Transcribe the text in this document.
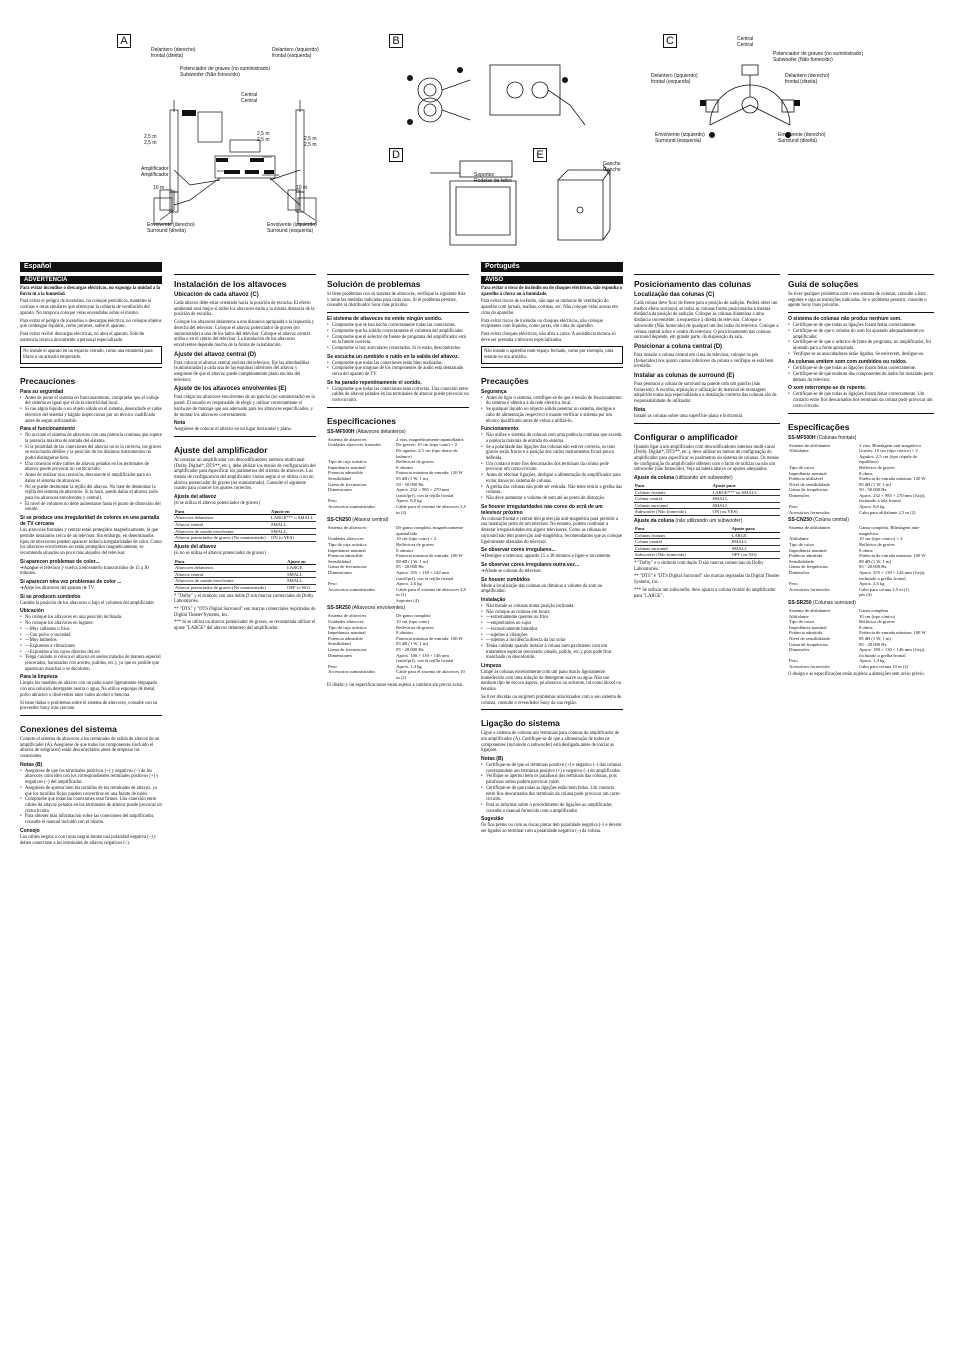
A	B	C
D	E
Delantero (derecho)
frontal (direita)
Delantero (izquierdo)
frontal (esquerda)
Potenciador de graves (no suministrado)
Subwoofer (Não fornecido)
Central
Central
2,5 m
2,5 m
2,5 m
2,5 m	2,5 m
2,5 m
Amplificador
Amplificador
10 m	10 m
Envolvente (derecho)
Surround (direita)
Envolvente (izquierdo)
Surround (esquerda)
LINE IN
FRONT
WOOFER OUT CENTER
SURROUND
Central
Central
Potenciador de graves (no suministrado)
Subwoofer (Não fornecido)
Delantero (izquierdo)
frontal (esquerda)
Delantero (derecho)
frontal (direita)
Envolvente (izquierdo)
Surround (esquerda)
Envolvente (derecho)
Surround (direita)
Soportes
Rodelas de feltro
Gancho
Gancho
Español ADVERTENCIA

Para evitar incendios o descargas eléctricas, no exponga la unidad a la lluvia ni a la humedad.

Para evitar el peligro de incendios, no coloque periódicos, manteles ni cortinas u otras similares que obstruyan la cubierta de ventilación del aparato. No tampoco coloque velas encendidas sobre el mismo.

Para evitar el peligro de incendios o descargas eléctrica, no coloque objetos que contengan líquidos, como jarrones, sobre el aparato.

Para evitar recibir descargas eléctricas, no abra el aparato. Solicite asistencia técnica únicamente a personal especializado.

No instale el aparato en un espacio cerrado, como una estantería para libros o un armario empotrado.
Precauciones
Para su seguridad
• Antes de poner el sistema en funcionamiento, compruebe que el voltaje del sistema es igual que el de la electricidad local.
• Si cae algún líquido o un objeto sólido en el sistema, desenchufe el cable eléctrico del sistema y hágalo inspeccionar por un técnico cualificado antes de seguir utilizándolo.
Para el funcionamiento
• No accione el sistema de altavoces con una potencia continua que supere la potencia máxima de entrada del sistema.
• Si la polaridad de las conexiones del altavoz no es la correcta, los graves se escucharán débiles y la posición de los distintos instrumentos no podrá distinguirse bien.
• Una conexión entre cables de altavoz pelados en los terminales de altavoz puede provocar un cortocircuito.
• Antes de realizar una conexión, desconecte el amplificador para no dañar el sistema de altavoces.
• No se puede desmontar la rejilla del altavoz. No trate de desmontar la rejilla del sistema de altavoces. Si lo hace, puede dañar el altavoz (sólo para los altavoces envolventes y central).
• El nivel de volumen no debe aumentarse hasta el punto de distorsión del sonido.
Si se produce una irregularidad de colores en una pantalla de TV cercana

Los altavoces frontales y central están protegidos magnéticamente, lo que permite instalarlos cerca de un televisor. Sin embargo, en determinados tipos de televisores pueden aparecer todavía irregularidades de color. Como los altavoces envolventes no están protegidos magnéticamente, se recomienda situarlos un poco más alejados del televisor.

Si aparecen problemas de color...

➔Apague el televisor y vuelva a encenderlo transcurridos de 15 a 30 minutos.

Si aparecen otra vez problemas de color ...

➔Aleje los altavoces del aparato de TV.

Si se producen zumbidos

Cambie la posición de los altavoces o bajo el volumen del amplificador.

Ubicación
• No coloque los altavoces en una posición inclinada.
• No coloque los altavoces en lugares:
• —Muy calientes o fríos
• —Con polvo o suciedad
• —Muy húmedos
• —Expuestos a vibraciones
• —Expuestos a los rayos directos del sol
• Tenga cuidado si coloca el altavoz en suelos tratados de manera especial (encerados, barnizados con aceites, pulidos, etc.), ya que es posible que aparezcan manchas o se decoloren.
Para la limpieza

Limpie los muebles de altavoz con un paño suave ligeramente empapado con una solución detergente neutra o agua. No utilice esponjas de metal, polvo abrasivo o disolventes tales como alcohol o bencina.

Si tiene dudas o problemas sobre el sistema de altavoces, consulte con su proveedor Sony más cercano.

Conexiones del sistema

Conecte el sistema de altavoces a los terminales de salida de altavoz de un amplificador (A). Asegúrese de que todos los componentes (incluido el altavoz de subgraves) están desconectados antes de empezar las conexiones.

Notas (B)
• Asegúrese de que los terminales positivos (+) y negativos (–) de los altavoces coinciden con los correspondientes terminales positivos (+) y negativos (–) del amplificador.
• Asegúrese de apretar bien los tornillos de los terminales de altavoz, ya que los tornillos flojos pueden convertirse en una fuente de ruido.
• Compruebe que todas las conexiones sean firmes. Una conexión entre cables de altavoz pelados en los terminales de altavoz puede provocar un cortocircuito.
• Para obtener más información sobre las conexiones del amplificador, consulte el manual incluido con el mismo.
Consejo

Los cables negros o con rayas negras tienen una polaridad negativa (–) y deben conectarse a los terminales de altavoz negativos (–).

Instalación de los altavoces
Ubicación de cada altavoz (C)

Cada altavoz debe estar orientado hacia la posición de escucha. El efecto ambiental será mejor si todos los altavoces están a la misma distancia de la posición de escucha.

Coloque los altavoces delanteros a una distancia apropiada a la izquierda y derecha del televisor. Coloque el altavoz potenciador de graves (no suministrado) a uno de los lados del televisor. Coloque el altavoz central arriba o en el centro del televisor. La instalación de los altavoces envolventes depende mucho de la forma de la habitación.

Ajuste del altavoz central (D)

Para colocar el altavoz central encima del televisor, fije las almohadillas (suministradas) a cada una de las esquinas inferiores del altavoz y asegúrese de que el altavoz quede completamente plano encima del televisor.

Ajuste de los altavoces envolventes (E)

Para colgar los altavoces envolventes de un gancho (no suministrado) en la pared. El usuario es responsable de elegir y utilizar correctamente el hardware de montaje que sea adecuado para los altavoces especificados, y de montar los altavoces correctamente.

Nota

Asegúrese de colocar el altavoz en un lugar horizontal y plano.

Ajuste del amplificador

Al conectar un amplificador con descodificadores internos multicanal (Dolby Digital*, DTS**, etc.), debe utilizar los menús de configuración del amplificador para especificar los parámetros del sistema de altavoces. Los menús de configuración del amplificador varían según si se utiliza o no un altavoz potenciador de graves (no suministrado). Consulte el siguiente cuadro para conocer los ajustes correctos.

Ajuste del altavoz
(si se utiliza el altavoz potenciador de graves)
Para	Ajuste en
Altavoces delanteros	LARGE*** o SMALL
Altavoz central	SMALL
Altavoces de sonido envolvente	SMALL
Altavoz potenciador de graves (No suministrado)	ON (o YES)
Ajuste del altavoz
(si no se utiliza el altavoz potenciador de graves)
Para	Ajuste en
Altavoces delanteros	LARGE
Altavoz central	SMALL
Altavoces de sonido envolvente	SMALL
Altavoz potenciador de graves (No suministrado)	OFF (o NO)

* "Dolby" y el símbolo con una doble D son marcas comerciales de Dolby Laboratories.

** "DTS" y "DTS Digital Surround" son marcas comerciales registradas de Digital Theater Systems, Inc.

*** Si se utiliza un altavoz potenciador de graves, se recomienda utilizar el ajuste "LARGE" del altavoz delantero del amplificador.

Solución de problemas

Si tiene problemas con su sistema de altavoces, verifique la siguiente lista y tome las medidas indicadas para cada caso. Si el problema persiste, consulte al distribuidor Sony más próximo.

El sistema de altavoces no emite ningún sonido.
• Compruebe que se han hecho correctamente todas las conexiones.
• Compruebe que ha subido correctamente el volumen del amplificador.
• Compruebe que el selector de fuente de programa del amplificador está en la fuente correcta.
• Compruebe si hay auriculares conectados. Si lo están, desconéctelos.
Se escucha un zumbido o ruido en la salida del altavoz.
• Compruebe que todas las conexiones están bien realizadas.
• Compruebe que ninguno de los componentes de audio está demasiado cerca del aparato de TV.
Se ha parado repentinamente el sonido.
• Compruebe que todas las conexiones sean correctas. Una conexión entre cables de altavoz pelados en los terminales de altavoz puede provocar un cortocircuito.
Especificaciones
SS-MF500H (Altavoces delanteros)
Sistema de altavoces	2 vías, magnéticamente apantallados
Unidades altavoces frontales	De graves: 10 cm (tipo cono) × 2
De agudos: 2,5 cm (tipo domo de balance)
Tipo de caja acústica	Reflectora de graves
Impedancia nominal	8 ohmios
Potencia admisible	Potencia máxima de entrada: 120 W
Sensibilidad	85 dB (1 W, 1 m)
Gama de frecuencias	50 - 50.000 Hz
Dimensiones	Aprox. 232 × 985 × 270 mm (an/al/prf), con la rejilla frontal
Peso	Aprox. 8,0 kg
Accesorios suministrados	Cable para el sistema de altavoces 2,5 m (2)
SS-CN250 (Altavoz central)
Sistema de altavoces	De gama completa, magnéticamente apantallado
Unidades altavoces	10 cm (tipo cono) × 2
Tipo de caja acústica	Reflectora de graves
Impedancia nominal	8 ohmios
Potencia admisible	Potencia máxima de entrada: 100 W
Sensibilidad	88 dB (1 W, 1 m)
Gama de frecuencias	85 - 20.000 Hz
Dimensiones	Aprox. 355 × 130 × 144 mm (an/al/prf), con la rejilla frontal
Peso	Aprox. 2,6 kg
Accesorios suministrados	Cable para el sistema de altavoces 2,5 m (1)
Soportes (4)
SS-SR250 (Altavoces envolventes)
Sistema de altavoces	De gama completa
Unidades altavoces	10 cm (tipo cono)
Tipo de caja acústica	Reflectora de graves
Impedancia nominal	8 ohmios
Potencia admisible	Potencia máxima de entrada: 100 W
Sensibilidad	85 dB (1 W, 1 m)
Gama de frecuencias	85 - 20.000 Hz
Dimensiones	Aprox. 180 × 130 × 146 mm (an/al/prf), con la rejilla frontal
Peso	Aprox. 1,4 kg
Accesorios suministrados	Cable para el sistema de altavoces 10 m (2)

El diseño y las especificaciones están sujetos a cambios sin previo aviso.

Português AVISO

Para evitar o risco de incêndio ou de choques eléctricos, não exponha o aparelho à chuva ou à humidade.

Para evitar riscos de incêndio, não tape as ranhuras de ventilação do aparelho com jornais, toalhas, cortinas, etc. Não coloque velas acesas em cima do aparelho.

Para evitar riscos de incêndio ou choques eléctricos, não coloque recipientes com líquidos, como jarras, em cima do aparelho.

Para evitar choques eléctricos, não abra a caixa. A assistência técnica só deve ser prestada a técnicos especializados.

Não instale o aparelho num espaço fechado, como por exemplo, uma estante ou um armário.
Precauções
Segurança
• Antes de ligar o sistema, certifique-se de que a tensão de funcionamento do sistema é idêntica à da rede eléctrica local.
• Se qualquer líquido ou objecto sólido penetrar no sistema, desligue o cabo de alimentação respectivo e mande verificar o sistema por um técnico qualificado antes de voltar a utilizá-lo.
Funcionamento
• Não utilize o sistema de colunas com uma potência contínua que exceda a potência máxima de entrada do sistema.
• Se a polaridade das ligações das colunas não estiver correcta, os tons graves serão fracos e a posição dos vários instrumentos ficará pouco definida.
• Um contacto entre fios descarnados dos terminais da coluna pode provocar um curto-circuito.
• Antes de efectuar ligações, desligue a alimentação do amplificador para evitar danos no sistema de colunas.
• A grelha das colunas não pode ser retirada. Não tente retirar a grelha das colunas.
• Não deve aumentar o volume de som até ao ponto de distorção.
Se houver irregularidades nas cores do ecrã de um televisor próximo

As colunas frontal e central têm protecção anti-magnética para permitir a sua instalação perto de um televisor. No entanto, podem continuar a detectar irregularidades em alguns televisores. Como as colunas de surround não têm protecção anti-magnética, recomendamos que as coloque ligeiramente afastadas do televisor.

Se observar cores irregulares...

➔Desligue o televisor, aguarde 15 a 30 minutos e ligue-o novamente.

Se observar cores irregulares outra vez...

➔Afaste as colunas do televisor.

Se houver zumbidos

Mude a localização das colunas ou diminua o volume do som no amplificador.

Instalação
• Não instale as colunas numa posição inclinada.
• Não coloque as colunas em locais:
• —extremamente quentes ou frios
• —empoeirados ou sujos
• —excessivamente húmidos
• —sujeitos a vibrações
• —sujeitos à incidência directa da luz solar
• Tenha cuidado quando instalar a coluna num pavimento com um tratamento especial (encerado, oleado, polido, etc.), pois pode ficar manchado ou descolorido.
Limpeza

Limpe as colunas exteriormente com um pano macio ligeiramente humedecido com uma solução de detergente suave ou água. Não use nenhum tipo de escova áspera, pó abrasivo ou solvente, tal como álcool ou benzina.

Se tiver dúvidas ou surgirem problemas relacionados com o seu sistema de colunas, consulte o revendedor Sony da sua região.

Ligação do sistema

Ligue o sistema de colunas aos terminais para colunas do amplificador de um amplificador (A). Certifique-se de que a alimentação de todos os componentes (incluindo o subwoofer) está desligada antes de iniciar as ligações.

Notas (B)
• Certifique-se de que os terminais positivo (+) e negativo (–) das colunas correspondem aos terminais positivo (+) e negativo (–) do amplificador.
• Verifique se apertou bem os parafusos dos terminais das colunas, pois parafusos soltos podem provocar ruído.
• Certifique-se de que todas as ligações estão bem feitas. Um contacto entre fios descarnados dos terminais da coluna pode provocar um curto-circuito.
• Para se informar sobre o procedimento de ligações ao amplificador, consulte o manual fornecido com o amplificador.
Sugestão

Os fios pretos ou com as riscas pretas têm polaridade negativa (–) e devem ser ligados ao terminal com a polaridade negativa (–) da coluna.

Posicionamento das colunas
Localização das colunas (C)

Cada coluna deve ficar de frente para a posição de audição. Poderá obter um melhor efeito surround, se todas as colunas forem posicionadas à mesma distância da posição de audição. Coloque as colunas dianteiras a uma distância conveniente, à esquerda e à direita do televisor. Coloque o subwoofer (Não fornecido) de qualquer um dos lados do televisor. Coloque a coluna central sobre o centro do televisor. O posicionamento das colunas surround depende, em grande parte, da disposição da sala.

Posicionar a coluna central (D)

Para instalar a coluna central em cima do televisor, coloque os pés (fornecidos) nos quatro cantos inferiores da coluna e verifique se está bem nivelada.

Instalar as colunas de surround (E)

Para pendurar a coluna de surround na parede com um gancho (não fornecido). A escolha, aquisição e utilização do material de montagem adquirido numa loja especializada e a instalação correcta das colunas são da responsabilidade do utilizador.

Nota

Instale as colunas sobre uma superfície plana e horizontal.

Configurar o amplificador

Quando ligar a um amplificador com descodificadores internos multi-canal (Dolby Digital*, DTS**, etc.), deve utilizar os menus de configuração do amplificador para especificar os parâmetros do sistema de colunas. Os menus de configuração do amplificador diferem com o facto de utilizar ou não um subwoofer (não fornecido). Veja na tabela abaixo os ajustes adequados.

Ajuste da coluna (utilizando um subwoofer)
Para	Ajuste para
Colunas frontais	LARGE*** ou SMALL
Coluna central	SMALL
Colunas surround	SMALL
Subwoofer (Não fornecido)	ON (ou YES)
Ajuste da coluna (não utilizando um subwoofer)
Para	Ajuste para
Colunas frontais	LARGE
Coluna central	SMALL
Colunas surround	SMALL
Subwoofer (Não fornecido)	OFF (ou NO)

* "Dolby" e o símbolo com duplo D são marcas comerciais da Dolby Laboratories.

** "DTS" e "DTS Digital Surround" são marcas registadas da Digital Theater Systems, Inc.

*** Se utilizar um subwoofer, deve ajustar a coluna frontal do amplificador para "LARGE".

Guia de soluções

Se tiver qualquer problema com o seu sistema de colunas, consulte a lista seguinte e siga as instruções indicadas. Se o problema persistir, consulte o agente Sony mais próximo.

O sistema de colunas não produz nenhum som.
• Certifique-se de que todas as ligações foram feitas correctamente.
• Certifique-se de que o volume do som foi ajustado adequadamente no amplificador.
• Certifique-se de que o selector de fonte de programa, no amplificador, foi ajustado para a fonte apropriada.
• Verifique se os auscultadores estão ligados. Se estiverem, desligue-os.
As colunas emitem som com zumbidos ou ruídos.
• Certifique-se de que todas as ligações foram feitas correctamente.
• Certifique-se de que nenhum dos componentes de áudio foi instalado perto demais do televisor.
O som interrompe-se de repente.
• Certifique-se de que todas as ligações foram feitas correctamente. Um contacto entre fios descarnados dos terminais da coluna pode provocar um curto-circuito.
Especificações
SS-MF500H (Colunas frontais)
Sistema de altifalantes	2 vias, Blindagem anti-magnética
Altifalante	Graves: 10 cm (tipo cónico) × 2
Agudos: 2,5 cm (tipo cúpula de equilíbrio)
Tipo de caixa	Reflector de graves
Impedância nominal	8 ohms
Potência utilizável	Potência de entrada máxima: 120 W
Nível de sensibilidade	85 dB (1 W, 1 m)
Gama de frequências	50 - 50.000 Hz
Dimensões	Aprox. 232 × 985 × 270 mm (l/a/p), incluindo a tela frontal
Peso	Aprox. 8,0 kg
Acessórios fornecidos	Cabo para altifalante 2,5 m (2)
SS-CN250 (Coluna central)
Sistema de altifalantes	Gama completa, Blindagem anti-magnética
Altifalante	10 cm (tipo cónico) × 2
Tipo de caixa	Reflector de graves
Impedância nominal	8 ohms
Potência admitida	Potência de entrada máxima: 100 W
Sensibilidade	88 dB (1 W, 1 m)
Gama de frequências	85 - 20.000 Hz
Dimensões	Aprox. 355 × 130 × 144 mm (l/a/p), incluindo a grelha frontal
Peso	Aprox. 2,6 kg
Acessórios fornecidos	Cabo para coluna 2,5 m (1)
pés (4)
SS-SR250 (Colunas surround)
Sistema de altifalantes	Gama completa
Altifalante	10 cm (tipo cónico)
Tipo de caixa	Reflector de graves
Impedância nominal	8 ohms
Potência admitida	Potência de entrada máxima: 100 W
Nível de sensibilidade	85 dB (1 W, 1 m)
Gama de frequências	85 - 20.000 Hz
Dimensões	Aprox. 180 × 130 × 146 mm (l/a/p), incluindo a grelha frontal
Peso	Aprox. 1,4 kg
Acessórios fornecidos	Cabo para coluna 10 m (2)

O design e as especificações estão sujeitos a alterações sem aviso prévio.
